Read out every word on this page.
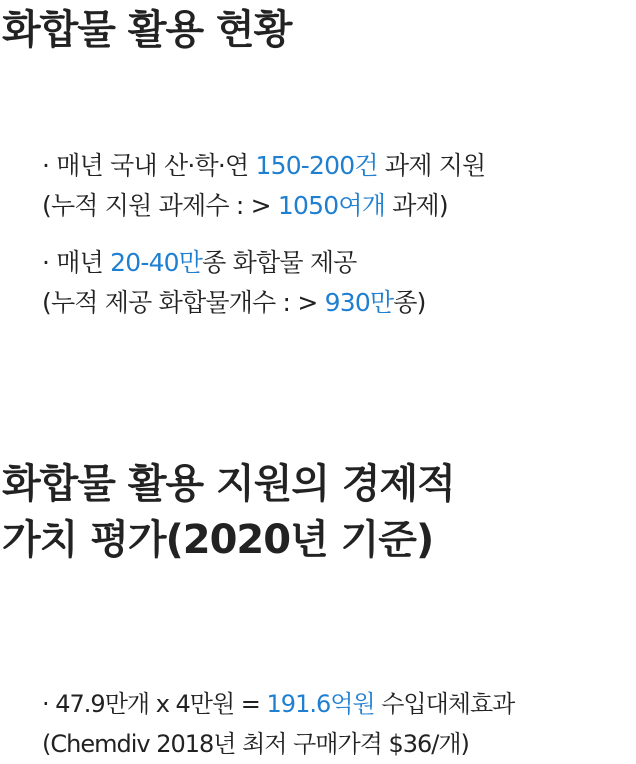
화합물 활용 현황
· 매년 국내 산·학·연 150-200건 과제 지원
(누적 지원 과제수 : > 1050여개 과제)
· 매년 20-40만종 화합물 제공
(누적 제공 화합물개수 : > 930만종)
화합물 활용 지원의 경제적
가치 평가(2020년 기준)
· 47.9만개 x 4만원 = 191.6억원 수입대체효과
(Chemdiv 2018년 최저 구매가격 $36/개)
